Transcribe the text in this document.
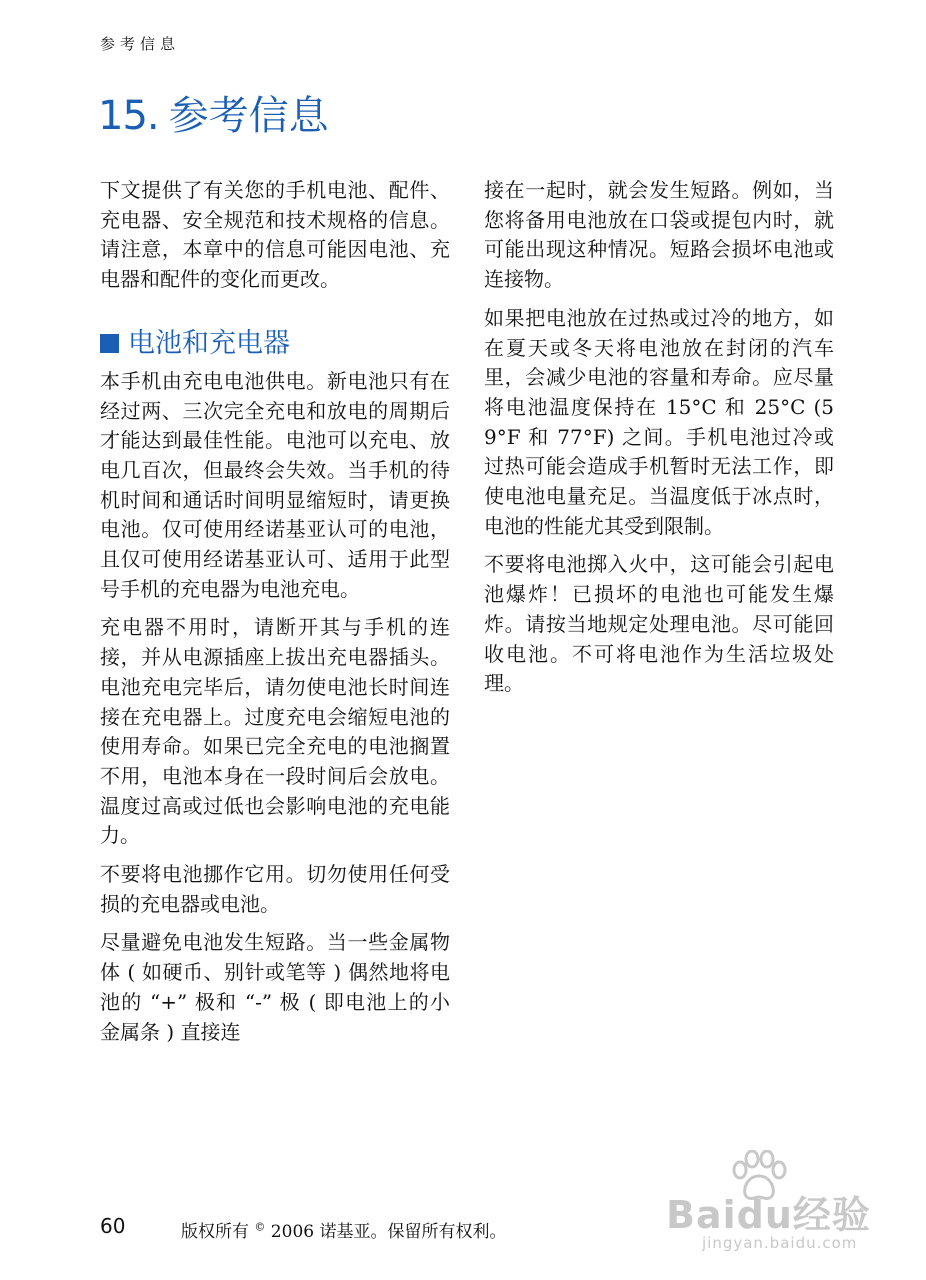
参考信息
15. 参考信息

下文提供了有关您的手机电池、配件、充电器、安全规范和技术规格的信息。请注意，本章中的信息可能因电池、充电器和配件的变化而更改。

电池和充电器

本手机由充电电池供电。新电池只有在经过两、三次完全充电和放电的周期后才能达到最佳性能。电池可以充电、放电几百次，但最终会失效。当手机的待机时间和通话时间明显缩短时，请更换电池。仅可使用经诺基亚认可的电池，且仅可使用经诺基亚认可、适用于此型号手机的充电器为电池充电。

充电器不用时，请断开其与手机的连接，并从电源插座上拔出充电器插头。电池充电完毕后，请勿使电池长时间连接在充电器上。过度充电会缩短电池的使用寿命。如果已完全充电的电池搁置不用，电池本身在一段时间后会放电。温度过高或过低也会影响电池的充电能力。

不要将电池挪作它用。切勿使用任何受损的充电器或电池。

尽量避免电池发生短路。当一些金属物体 ( 如硬币、别针或笔等 ) 偶然地将电池的 “+” 极和 “-” 极 ( 即电池上的小金属条 ) 直接连

接在一起时，就会发生短路。例如，当您将备用电池放在口袋或提包内时，就可能出现这种情况。短路会损坏电池或连接物。

如果把电池放在过热或过冷的地方，如在夏天或冬天将电池放在封闭的汽车里，会减少电池的容量和寿命。应尽量将电池温度保持在 15°C 和 25°C (59°F 和 77°F) 之间。手机电池过冷或过热可能会造成手机暂时无法工作，即使电池电量充足。当温度低于冰点时，电池的性能尤其受到限制。

不要将电池掷入火中，这可能会引起电池爆炸！已损坏的电池也可能发生爆炸。请按当地规定处理电池。尽可能回收电池。不可将电池作为生活垃圾处理。

60	版权所有 © 2006 诺基亚。保留所有权利。	Baidu经验
jingyan.baidu.com
